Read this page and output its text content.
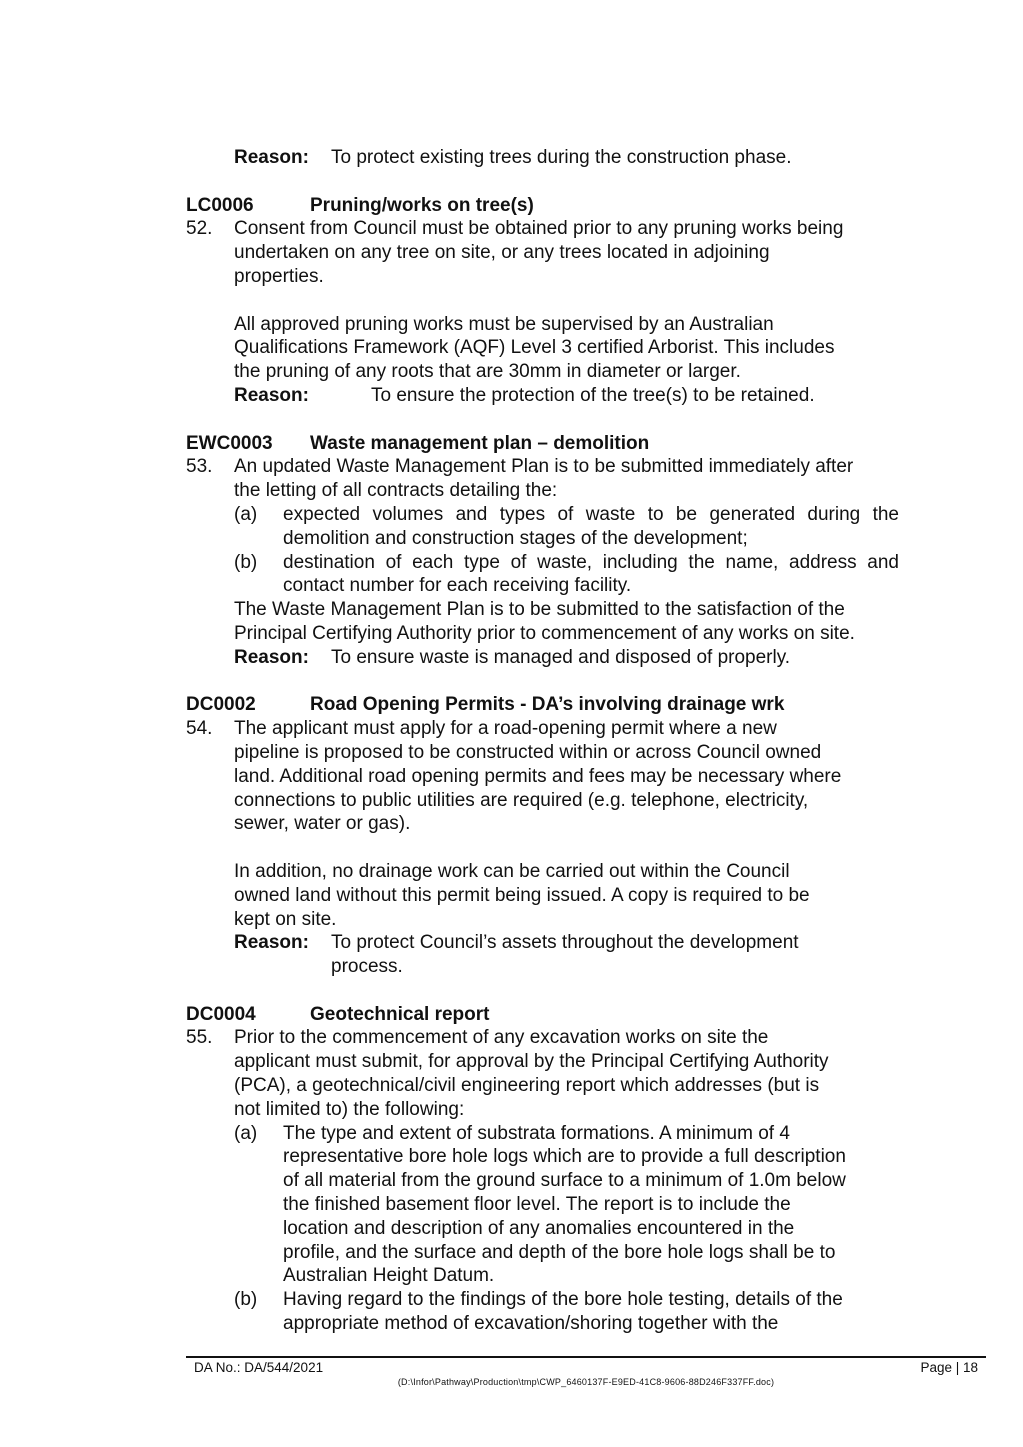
Reason: To protect existing trees during the construction phase.
LC0006	Pruning/works on tree(s)
52. Consent from Council must be obtained prior to any pruning works being
undertaken on any tree on site, or any trees located in adjoining
properties.
All approved pruning works must be supervised by an Australian
Qualifications Framework (AQF) Level 3 certified Arborist. This includes
the pruning of any roots that are 30mm in diameter or larger.
Reason:	To ensure the protection of the tree(s) to be retained.
EWC0003 Waste management plan – demolition
53. An updated Waste Management Plan is to be submitted immediately after
the letting of all contracts detailing the:
(a)	expected volumes and types of waste to be generated during the demolition and construction stages of the development;
(b)	destination of each type of waste, including the name, address and contact number for each receiving facility.
The Waste Management Plan is to be submitted to the satisfaction of the
Principal Certifying Authority prior to commencement of any works on site.
Reason: To ensure waste is managed and disposed of properly.
DC0002	Road Opening Permits - DA’s involving drainage wrk
54. The applicant must apply for a road-opening permit where a new
pipeline is proposed to be constructed within or across Council owned
land. Additional road opening permits and fees may be necessary where
connections to public utilities are required (e.g. telephone, electricity,
sewer, water or gas).
In addition, no drainage work can be carried out within the Council
owned land without this permit being issued. A copy is required to be
kept on site.
Reason: To protect Council’s assets throughout the development
process.
DC0004	Geotechnical report
55. Prior to the commencement of any excavation works on site the
applicant must submit, for approval by the Principal Certifying Authority
(PCA), a geotechnical/civil engineering report which addresses (but is
not limited to) the following:
(a) The type and extent of substrata formations. A minimum of 4
representative bore hole logs which are to provide a full description
of all material from the ground surface to a minimum of 1.0m below
the finished basement floor level. The report is to include the
location and description of any anomalies encountered in the
profile, and the surface and depth of the bore hole logs shall be to
Australian Height Datum.
(b) Having regard to the findings of the bore hole testing, details of the
appropriate method of excavation/shoring together with the
DA No.: DA/544/2021	Page | 18
(D:\Infor\Pathway\Production\tmp\CWP_6460137F-E9ED-41C8-9606-88D246F337FF.doc)
